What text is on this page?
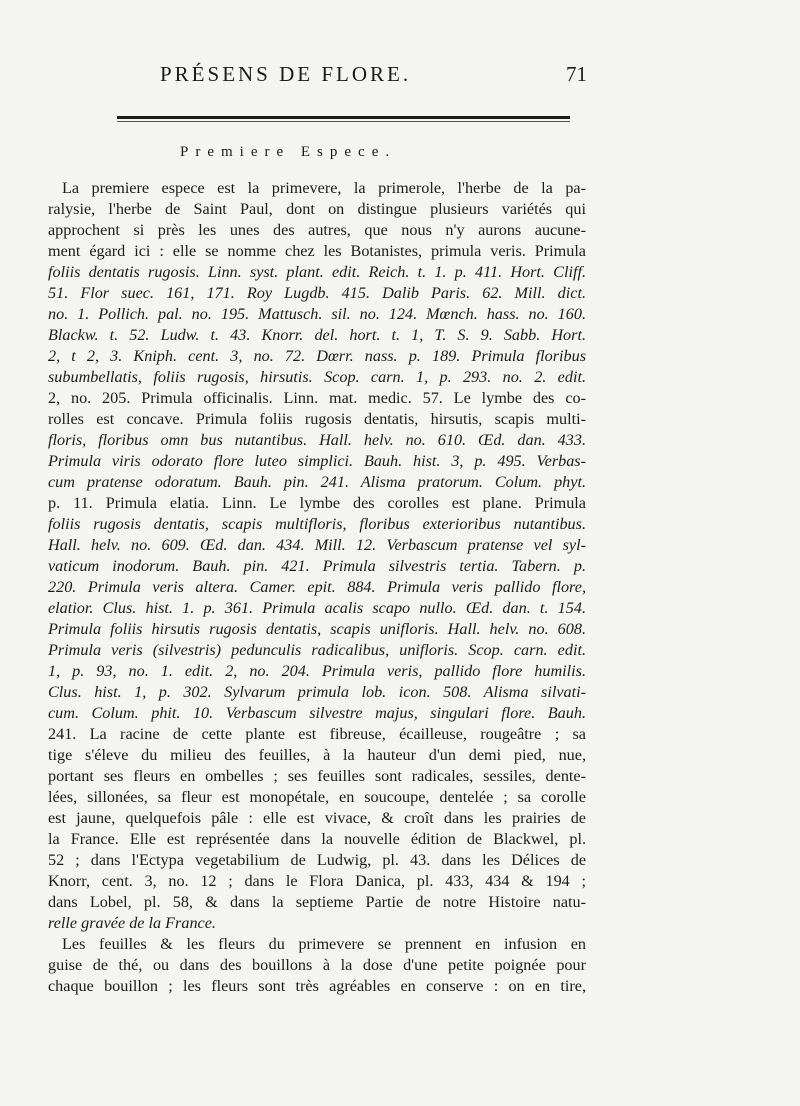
PRÉSENS DE FLORE.	71
Premiere Espece.
La premiere espece est la primevere, la primerole, l'herbe de la pa-
ralysie, l'herbe de Saint Paul, dont on distingue plusieurs variétés qui
approchent si près les unes des autres, que nous n'y aurons aucune-
ment égard ici : elle se nomme chez les Botanistes, primula veris. Primula
foliis dentatis rugosis. Linn. syst. plant. edit. Reich. t. 1. p. 411. Hort. Cliff.
51. Flor suec. 161, 171. Roy Lugdb. 415. Dalib Paris. 62. Mill. dict.
no. 1. Pollich. pal. no. 195. Mattusch. sil. no. 124. Mœnch. hass. no. 160.
Blackw. t. 52. Ludw. t. 43. Knorr. del. hort. t. 1, T. S. 9. Sabb. Hort.
2, t 2, 3. Kniph. cent. 3, no. 72. Dœrr. nass. p. 189. Primula floribus
subumbellatis, foliis rugosis, hirsutis. Scop. carn. 1, p. 293. no. 2. edit.
2, no. 205. Primula officinalis. Linn. mat. medic. 57. Le lymbe des co-
rolles est concave. Primula foliis rugosis dentatis, hirsutis, scapis multi-
floris, floribus omn bus nutantibus. Hall. helv. no. 610. Œd. dan. 433.
Primula viris odorato flore luteo simplici. Bauh. hist. 3, p. 495. Verbas-
cum pratense odoratum. Bauh. pin. 241. Alisma pratorum. Colum. phyt.
p. 11. Primula elatia. Linn. Le lymbe des corolles est plane. Primula
foliis rugosis dentatis, scapis multifloris, floribus exterioribus nutantibus.
Hall. helv. no. 609. Œd. dan. 434. Mill. 12. Verbascum pratense vel syl-
vaticum inodorum. Bauh. pin. 421. Primula silvestris tertia. Tabern. p.
220. Primula veris altera. Camer. epit. 884. Primula veris pallido flore,
elatior. Clus. hist. 1. p. 361. Primula acalis scapo nullo. Œd. dan. t. 154.
Primula foliis hirsutis rugosis dentatis, scapis unifloris. Hall. helv. no. 608.
Primula veris (silvestris) pedunculis radicalibus, unifloris. Scop. carn. edit.
1, p. 93, no. 1. edit. 2, no. 204. Primula veris, pallido flore humilis.
Clus. hist. 1, p. 302. Sylvarum primula lob. icon. 508. Alisma silvati-
cum. Colum. phit. 10. Verbascum silvestre majus, singulari flore. Bauh.
241. La racine de cette plante est fibreuse, écailleuse, rougeâtre ; sa
tige s'éleve du milieu des feuilles, à la hauteur d'un demi pied, nue,
portant ses fleurs en ombelles ; ses feuilles sont radicales, sessiles, dente-
lées, sillonées, sa fleur est monopétale, en soucoupe, dentelée ; sa corolle
est jaune, quelquefois pâle : elle est vivace, & croît dans les prairies de
la France. Elle est représentée dans la nouvelle édition de Blackwel, pl.
52 ; dans l'Ectypa vegetabilium de Ludwig, pl. 43. dans les Délices de
Knorr, cent. 3, no. 12 ; dans le Flora Danica, pl. 433, 434 & 194 ;
dans Lobel, pl. 58, & dans la septieme Partie de notre Histoire natu-
relle gravée de la France.
Les feuilles & les fleurs du primevere se prennent en infusion en
guise de thé, ou dans des bouillons à la dose d'une petite poignée pour
chaque bouillon ; les fleurs sont très agréables en conserve : on en tire,
